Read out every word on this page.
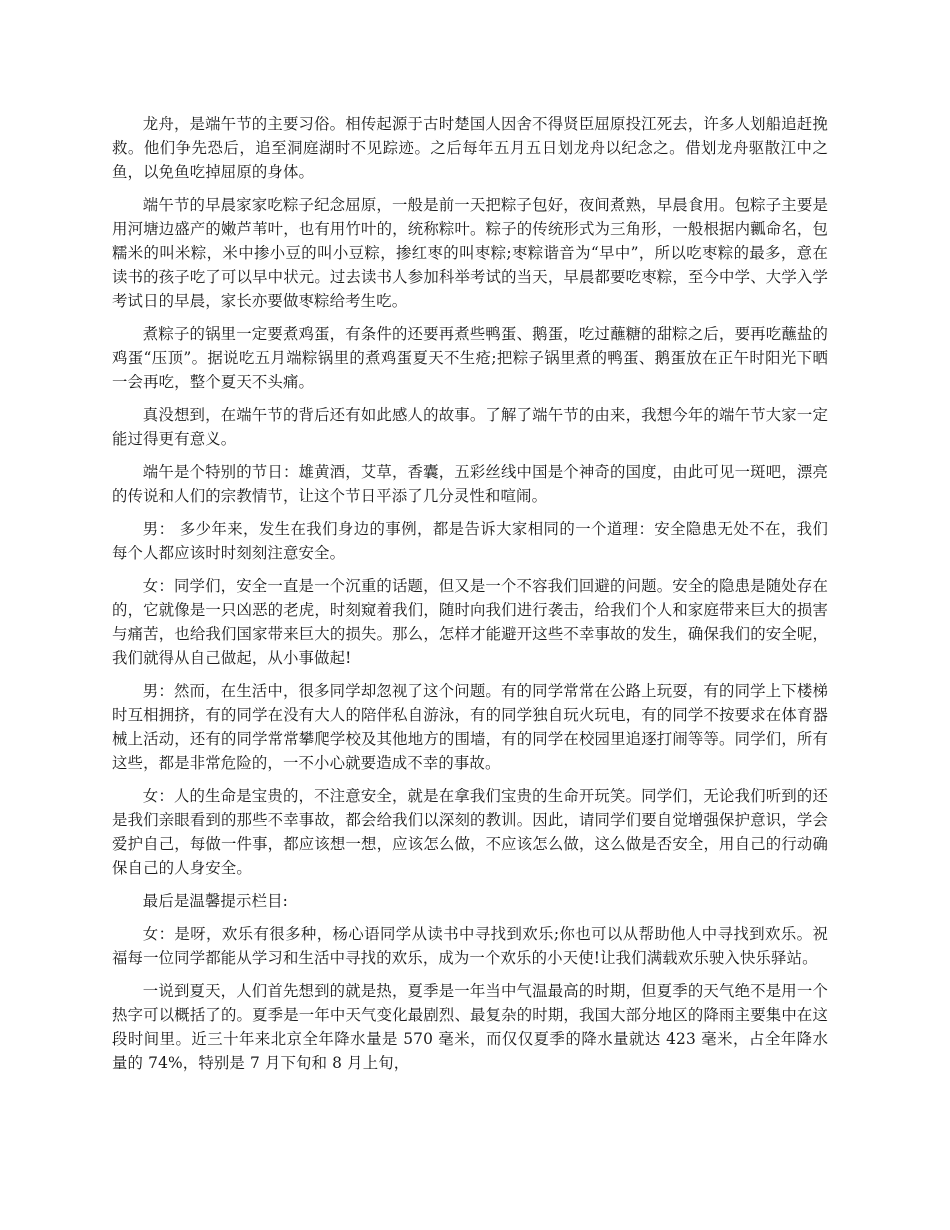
龙舟，是端午节的主要习俗。相传起源于古时楚国人因舍不得贤臣屈原投江死去，许多人划船追赶挽救。他们争先恐后，追至洞庭湖时不见踪迹。之后每年五月五日划龙舟以纪念之。借划龙舟驱散江中之鱼，以免鱼吃掉屈原的身体。

端午节的早晨家家吃粽子纪念屈原，一般是前一天把粽子包好，夜间煮熟，早晨食用。包粽子主要是用河塘边盛产的嫩芦苇叶，也有用竹叶的，统称粽叶。粽子的传统形式为三角形，一般根据内瓤命名，包糯米的叫米粽，米中掺小豆的叫小豆粽，掺红枣的叫枣粽;枣粽谐音为“早中”，所以吃枣粽的最多，意在读书的孩子吃了可以早中状元。过去读书人参加科举考试的当天，早晨都要吃枣粽，至今中学、大学入学考试日的早晨，家长亦要做枣粽给考生吃。

煮粽子的锅里一定要煮鸡蛋，有条件的还要再煮些鸭蛋、鹅蛋，吃过蘸糖的甜粽之后，要再吃蘸盐的鸡蛋“压顶”。据说吃五月端粽锅里的煮鸡蛋夏天不生疮;把粽子锅里煮的鸭蛋、鹅蛋放在正午时阳光下晒一会再吃，整个夏天不头痛。

真没想到，在端午节的背后还有如此感人的故事。了解了端午节的由来，我想今年的端午节大家一定能过得更有意义。

端午是个特别的节日：雄黄酒，艾草，香囊，五彩丝线中国是个神奇的国度，由此可见一斑吧，漂亮的传说和人们的宗教情节，让这个节日平添了几分灵性和喧闹。

男： 多少年来，发生在我们身边的事例，都是告诉大家相同的一个道理：安全隐患无处不在，我们每个人都应该时时刻刻注意安全。

女：同学们，安全一直是一个沉重的话题，但又是一个不容我们回避的问题。安全的隐患是随处存在的，它就像是一只凶恶的老虎，时刻窥着我们，随时向我们进行袭击，给我们个人和家庭带来巨大的损害与痛苦，也给我们国家带来巨大的损失。那么，怎样才能避开这些不幸事故的发生，确保我们的安全呢，我们就得从自己做起，从小事做起!

男：然而，在生活中，很多同学却忽视了这个问题。有的同学常常在公路上玩耍，有的同学上下楼梯时互相拥挤，有的同学在没有大人的陪伴私自游泳，有的同学独自玩火玩电，有的同学不按要求在体育器械上活动，还有的同学常常攀爬学校及其他地方的围墙，有的同学在校园里追逐打闹等等。同学们，所有这些，都是非常危险的，一不小心就要造成不幸的事故。

女：人的生命是宝贵的，不注意安全，就是在拿我们宝贵的生命开玩笑。同学们，无论我们听到的还是我们亲眼看到的那些不幸事故，都会给我们以深刻的教训。因此，请同学们要自觉增强保护意识，学会爱护自己，每做一件事，都应该想一想，应该怎么做，不应该怎么做，这么做是否安全，用自己的行动确保自己的人身安全。

最后是温馨提示栏目:

女：是呀，欢乐有很多种，杨心语同学从读书中寻找到欢乐;你也可以从帮助他人中寻找到欢乐。祝福每一位同学都能从学习和生活中寻找的欢乐，成为一个欢乐的小天使!让我们满载欢乐驶入快乐驿站。

一说到夏天，人们首先想到的就是热，夏季是一年当中气温最高的时期，但夏季的天气绝不是用一个热字可以概括了的。夏季是一年中天气变化最剧烈、最复杂的时期，我国大部分地区的降雨主要集中在这段时间里。近三十年来北京全年降水量是 570 毫米，而仅仅夏季的降水量就达 423 毫米，占全年降水量的 74%，特别是 7 月下旬和 8 月上旬，
